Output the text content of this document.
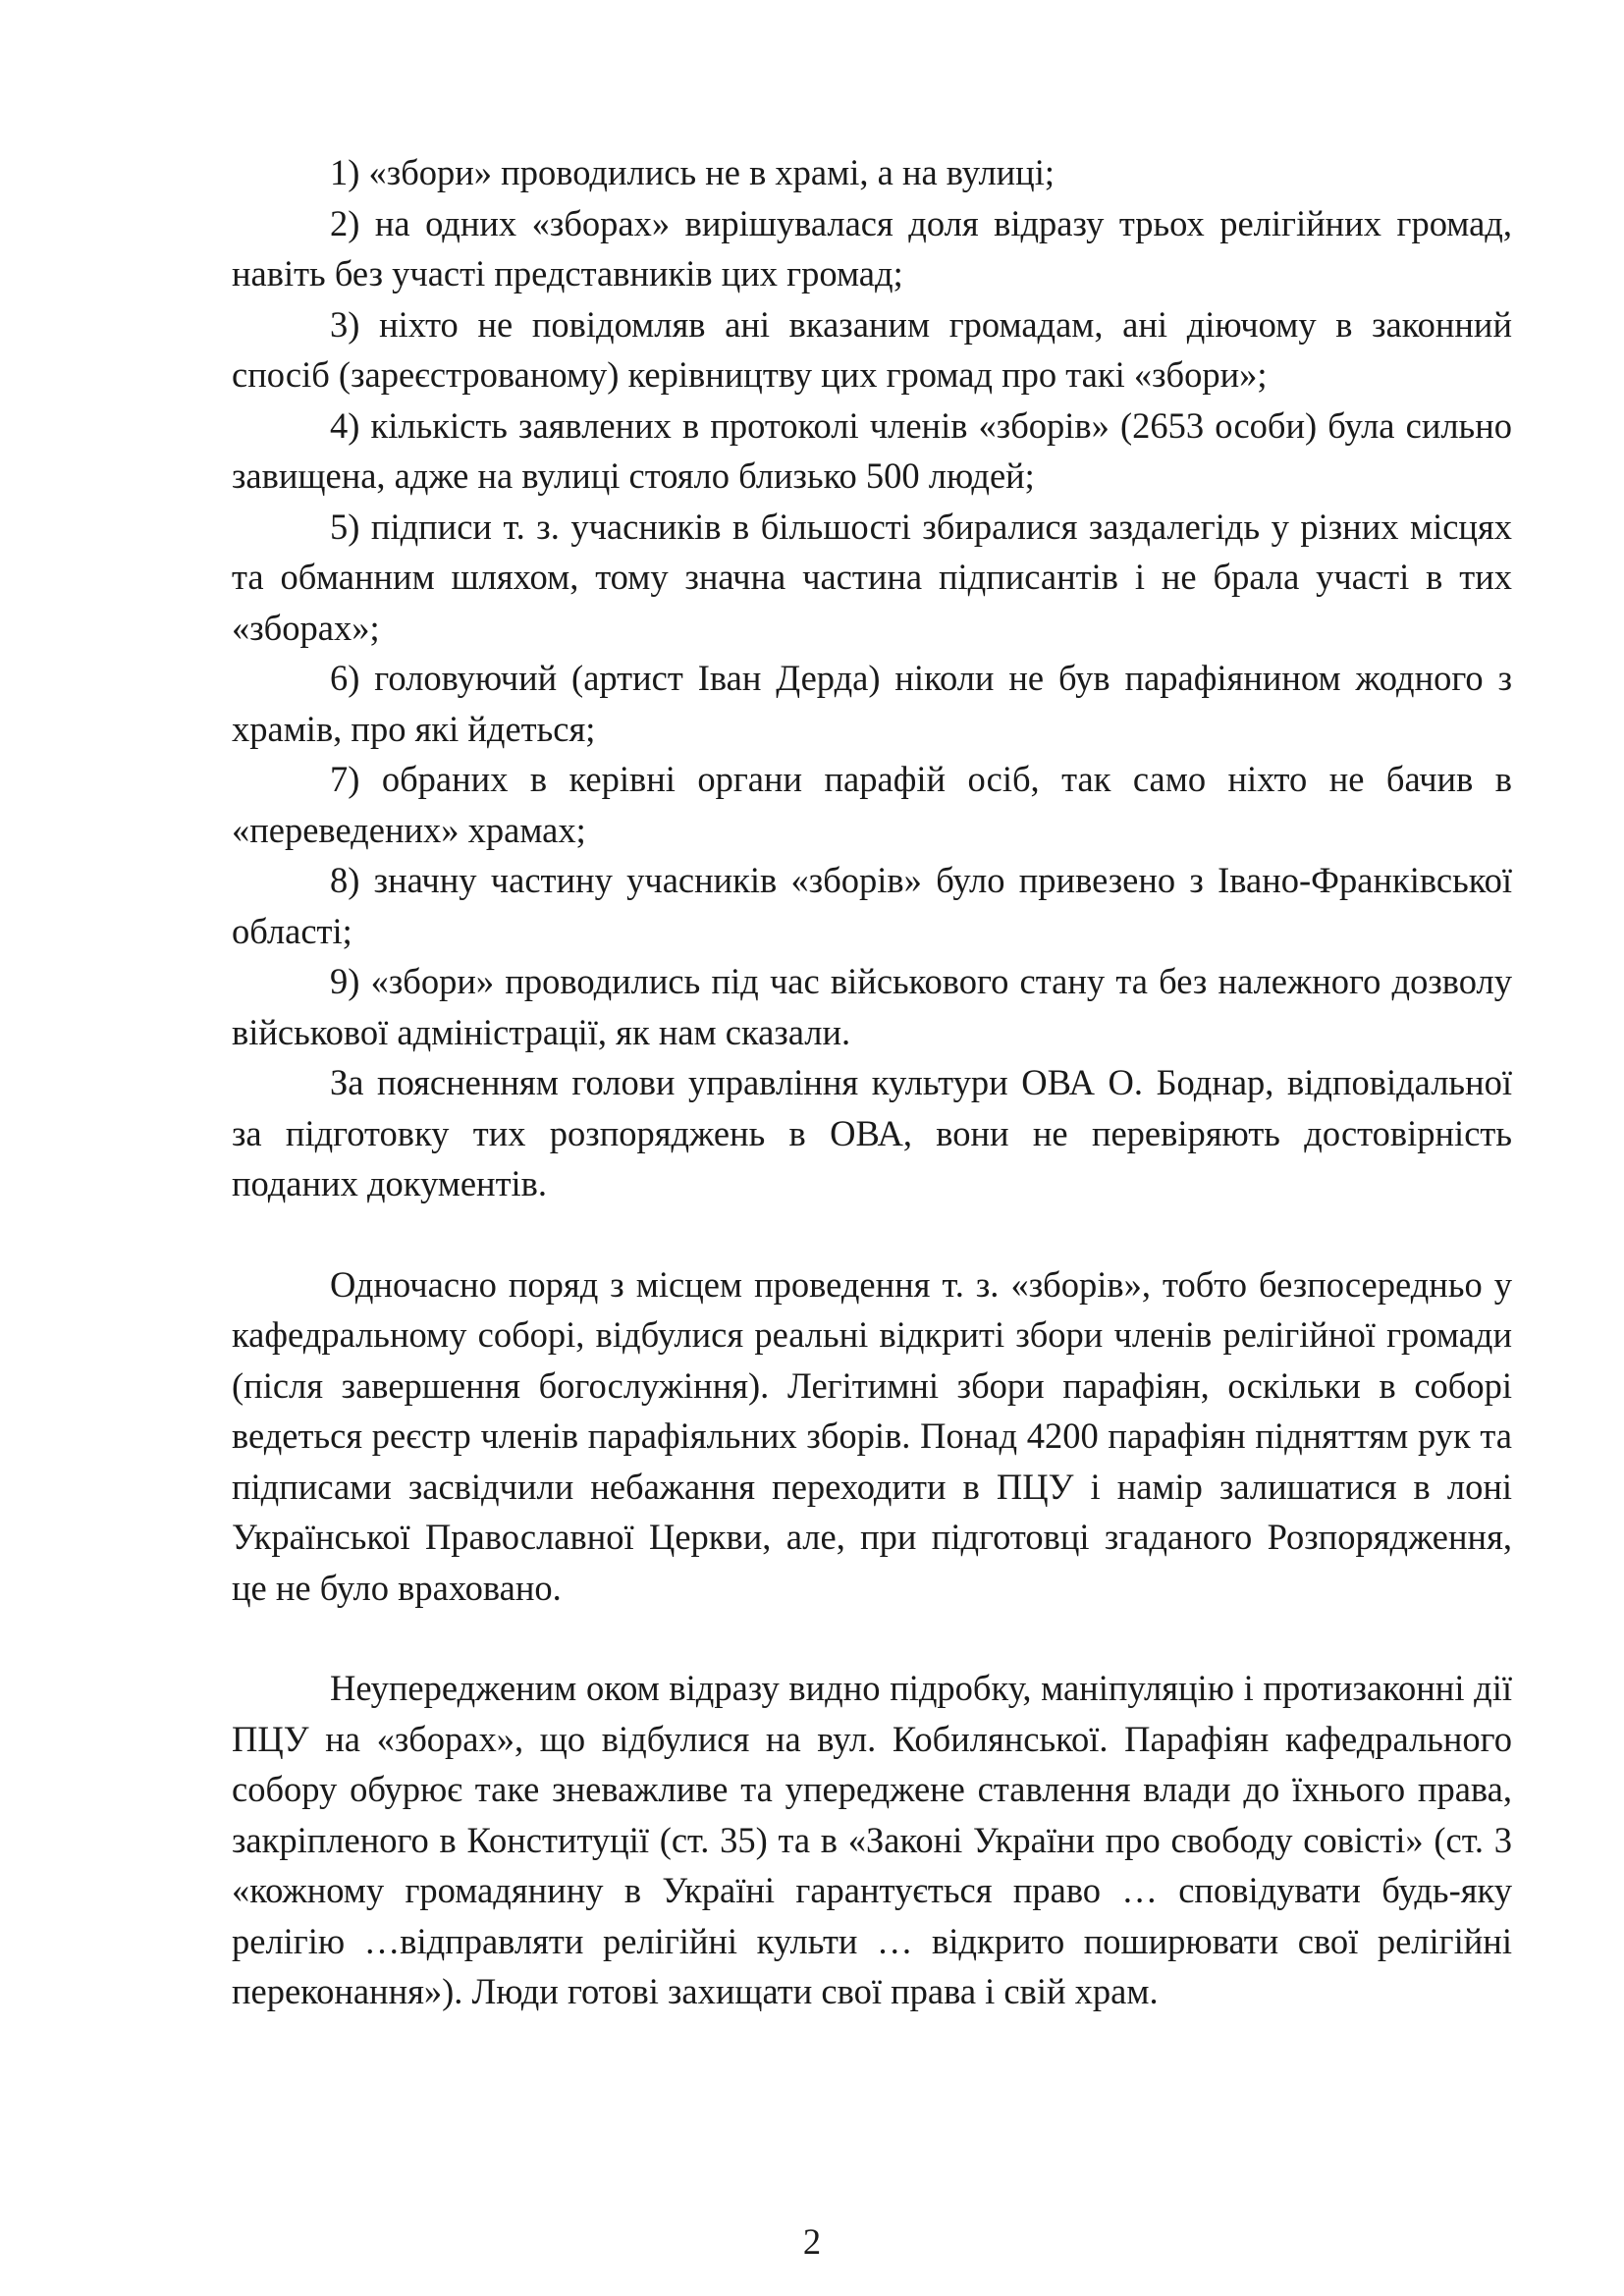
1) «збори» проводились не в храмі, а на вулиці;

2) на одних «зборах» вирішувалася доля відразу трьох релігійних громад, навіть без участі представників цих громад;

3) ніхто не повідомляв ані вказаним громадам, ані діючому в законний спосіб (зареєстрованому) керівництву цих громад про такі «збори»;

4) кількість заявлених в протоколі членів «зборів» (2653 особи) була сильно завищена, адже на вулиці стояло близько 500 людей;

5) підписи т. з. учасників в більшості збиралися заздалегідь у різних місцях та обманним шляхом, тому значна частина підписантів і не брала участі в тих «зборах»;

6) головуючий (артист Іван Дерда) ніколи не був парафіянином жодного з храмів, про які йдеться;

7) обраних в керівні органи парафій осіб, так само ніхто не бачив в «переведених» храмах;

8) значну частину учасників «зборів» було привезено з Івано-Франківської області;

9) «збори» проводились під час військового стану та без належного дозволу військової адміністрації, як нам сказали.

За поясненням голови управління культури ОВА О. Боднар, відповідальної за підготовку тих розпоряджень в ОВА, вони не перевіряють достовірність поданих документів.

Одночасно поряд з місцем проведення т. з. «зборів», тобто безпосередньо у кафедральному соборі, відбулися реальні відкриті збори членів релігійної громади (після завершення богослужіння). Легітимні збори парафіян, оскільки в соборі ведеться реєстр членів парафіяльних зборів. Понад 4200 парафіян підняттям рук та підписами засвідчили небажання переходити в ПЦУ і намір залишатися в лоні Української Православної Церкви, але, при підготовці згаданого Розпорядження, це не було враховано.

Неупередженим оком відразу видно підробку, маніпуляцію і протизаконні дії ПЦУ на «зборах», що відбулися на вул. Кобилянської. Парафіян кафедрального собору обурює таке зневажливе та упереджене ставлення влади до їхнього права, закріпленого в Конституції (ст. 35) та в «Законі України про свободу совісті» (ст. 3 «кожному громадянину в Україні гарантується право … сповідувати будь-яку релігію …відправляти релігійні культи … відкрито поширювати свої релігійні переконання»). Люди готові захищати свої права і свій храм.

2
